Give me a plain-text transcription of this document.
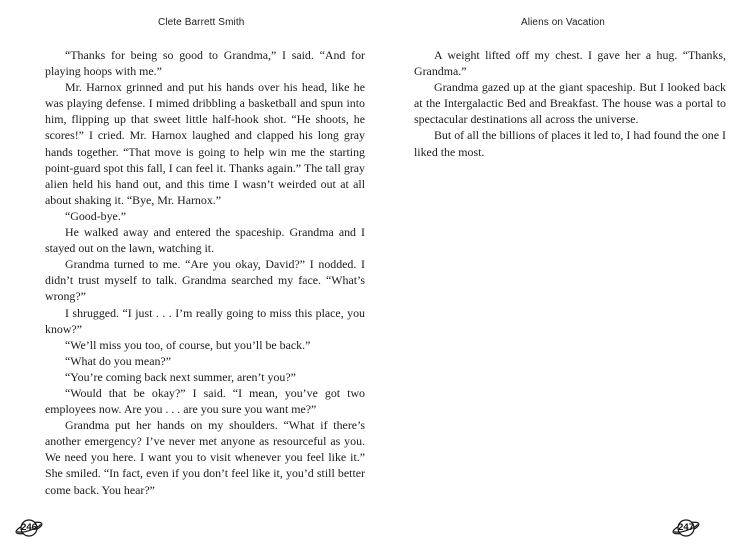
Clete Barrett Smith

“Thanks for being so good to Grandma,” I said. “And for playing hoops with me.”

Mr. Harnox grinned and put his hands over his head, like he was playing defense. I mimed dribbling a basketball and spun into him, flipping up that sweet little half-hook shot. “He shoots, he scores!” I cried. Mr. Harnox laughed and clapped his long gray hands together. “That move is going to help win me the starting point-guard spot this fall, I can feel it. Thanks again.” The tall gray alien held his hand out, and this time I wasn’t weirded out at all about shaking it. “Bye, Mr. Harnox.”

“Good-bye.”

He walked away and entered the spaceship. Grandma and I stayed out on the lawn, watching it.

Grandma turned to me. “Are you okay, David?” I nodded. I didn’t trust myself to talk. Grandma searched my face. “What’s wrong?”

I shrugged. “I just . . . I’m really going to miss this place, you know?”

“We’ll miss you too, of course, but you’ll be back.”

“What do you mean?”

“You’re coming back next summer, aren’t you?”

“Would that be okay?” I said. “I mean, you’ve got two employees now. Are you . . . are you sure you want me?”

Grandma put her hands on my shoulders. “What if there’s another emergency? I’ve never met anyone as resourceful as you. We need you here. I want you to visit whenever you feel like it.” She smiled. “In fact, even if you don’t feel like it, you’d still better come back. You hear?”

246
Aliens on Vacation

A weight lifted off my chest. I gave her a hug. “Thanks, Grandma.”

Grandma gazed up at the giant spaceship. But I looked back at the Intergalactic Bed and Breakfast. The house was a portal to spectacular destinations all across the universe.

But of all the billions of places it led to, I had found the one I liked the most.

247
